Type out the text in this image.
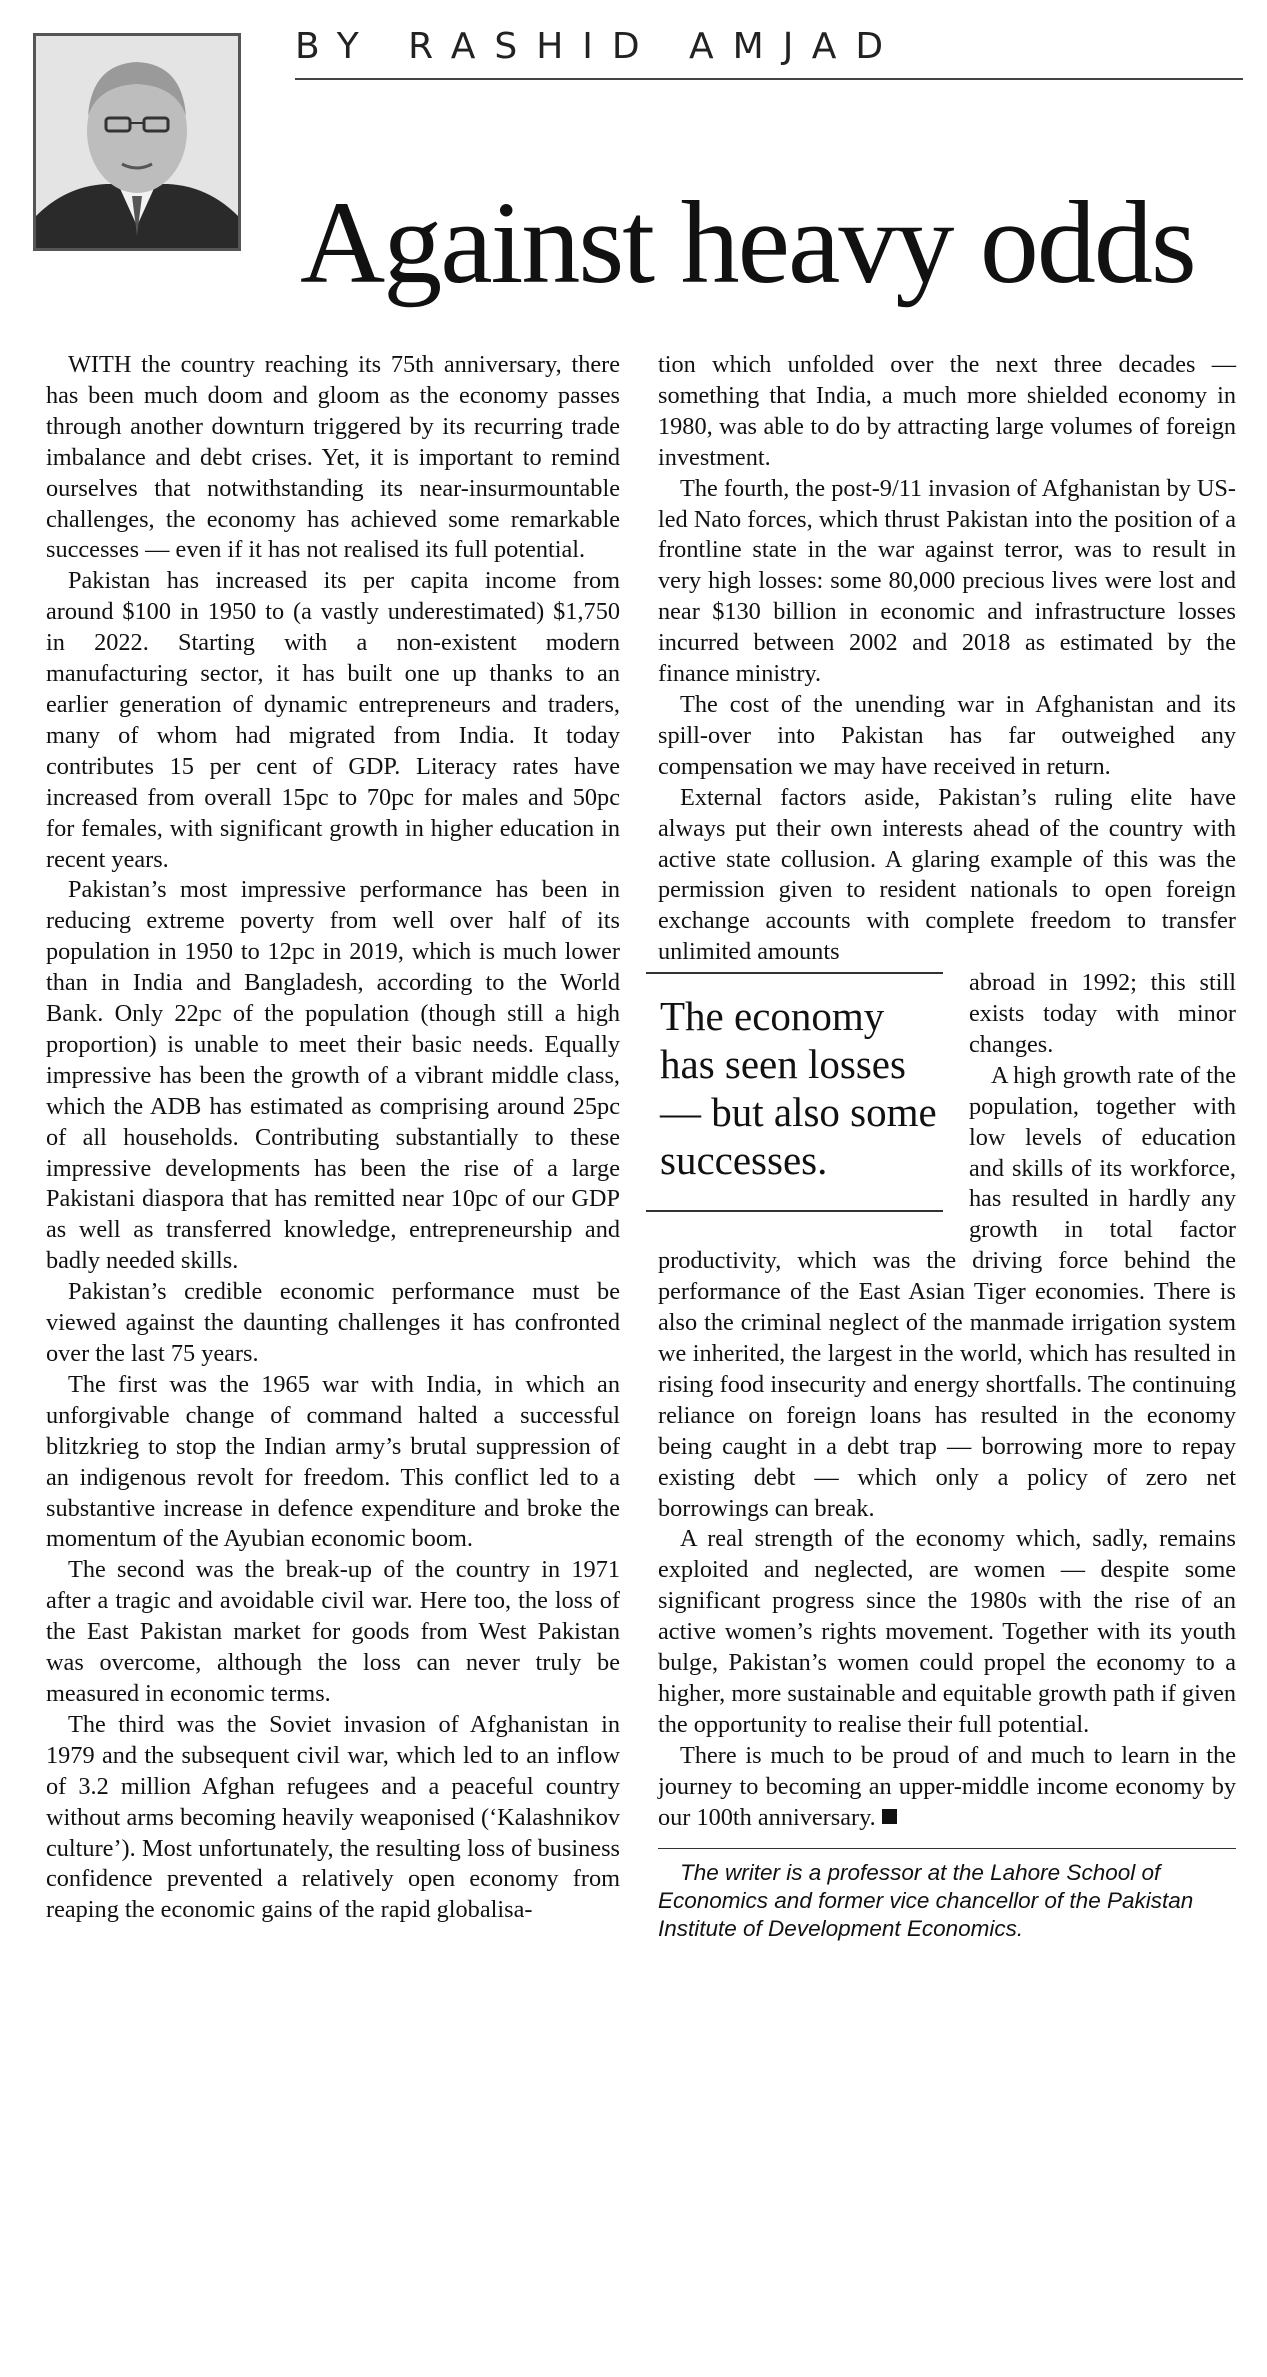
BY RASHID AMJAD
Against heavy odds

WITH the country reaching its 75th anniversary, there has been much doom and gloom as the economy passes through another downturn triggered by its recurring trade imbalance and debt crises. Yet, it is important to remind ourselves that notwithstanding its near-insurmountable challenges, the economy has achieved some remarkable successes — even if it has not realised its full potential.

Pakistan has increased its per capita income from around $100 in 1950 to (a vastly underestimated) $1,750 in 2022. Starting with a non-existent modern manufacturing sector, it has built one up thanks to an earlier generation of dynamic entrepreneurs and traders, many of whom had migrated from India. It today contributes 15 per cent of GDP. Literacy rates have increased from overall 15pc to 70pc for males and 50pc for females, with significant growth in higher education in recent years.

Pakistan’s most impressive performance has been in reducing extreme poverty from well over half of its population in 1950 to 12pc in 2019, which is much lower than in India and Bangladesh, according to the World Bank. Only 22pc of the population (though still a high proportion) is unable to meet their basic needs. Equally impressive has been the growth of a vibrant middle class, which the ADB has estimated as comprising around 25pc of all households. Contributing substantially to these impressive developments has been the rise of a large Pakistani diaspora that has remitted near 10pc of our GDP as well as transferred knowledge, entrepreneurship and badly needed skills.

Pakistan’s credible economic performance must be viewed against the daunting challenges it has confronted over the last 75 years.

The first was the 1965 war with India, in which an unforgivable change of command halted a successful blitzkrieg to stop the Indian army’s brutal suppression of an indigenous revolt for freedom. This conflict led to a substantive increase in defence expenditure and broke the momentum of the Ayubian economic boom.

The second was the break-up of the country in 1971 after a tragic and avoidable civil war. Here too, the loss of the East Pakistan market for goods from West Pakistan was overcome, although the loss can never truly be measured in economic terms.

The third was the Soviet invasion of Afghanistan in 1979 and the subsequent civil war, which led to an inflow of 3.2 million Afghan refugees and a peaceful country without arms becoming heavily weaponised (‘Kalashnikov culture’). Most unfortunately, the resulting loss of business confidence prevented a relatively open economy from reaping the economic gains of the rapid globalisa-

tion which unfolded over the next three decades — something that India, a much more shielded economy in 1980, was able to do by attracting large volumes of foreign investment.

The fourth, the post-9/11 invasion of Afghanistan by US-led Nato forces, which thrust Pakistan into the position of a frontline state in the war against terror, was to result in very high losses: some 80,000 precious lives were lost and near $130 billion in economic and infrastructure losses incurred between 2002 and 2018 as estimated by the finance ministry.

The cost of the unending war in Afghanistan and its spill-over into Pakistan has far outweighed any compensation we may have received in return.

External factors aside, Pakistan’s ruling elite have always put their own interests ahead of the country with active state collusion. A glaring example of this was the permission given to resident nationals to open foreign exchange accounts with complete freedom to transfer unlimited amounts

The economy has seen losses — but also some successes.

abroad in 1992; this still exists today with minor changes.

A high growth rate of the population, together with low levels of education and skills of its workforce, has resulted in hardly any growth in total factor productivity, which was the driving force behind the performance of the East Asian Tiger economies. There is also the criminal neglect of the manmade irrigation system we inherited, the largest in the world, which has resulted in rising food insecurity and energy shortfalls. The continuing reliance on foreign loans has resulted in the economy being caught in a debt trap — borrowing more to repay existing debt — which only a policy of zero net borrowings can break.

A real strength of the economy which, sadly, remains exploited and neglected, are women — despite some significant progress since the 1980s with the rise of an active women’s rights movement. Together with its youth bulge, Pakistan’s women could propel the economy to a higher, more sustainable and equitable growth path if given the opportunity to realise their full potential.

There is much to be proud of and much to learn in the journey to becoming an upper-middle income economy by our 100th anniversary.

The writer is a professor at the Lahore School of Economics and former vice chancellor of the Pakistan Institute of Development Economics.
